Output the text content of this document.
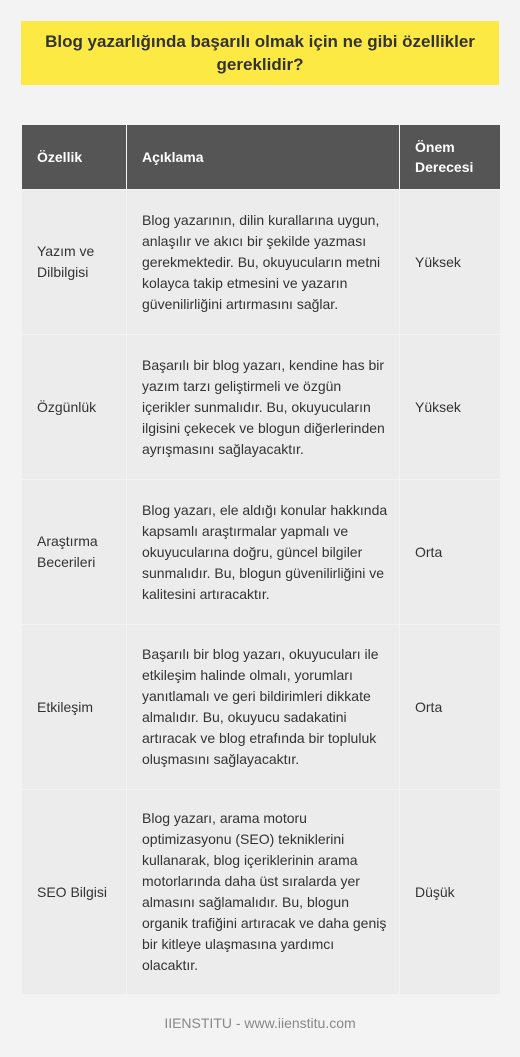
Blog yazarlığında başarılı olmak için ne gibi özellikler gereklidir?
Özellik	Açıklama	Önem Derecesi
Yazım ve Dilbilgisi	Blog yazarının, dilin kurallarına uygun, anlaşılır ve akıcı bir şekilde yazması gerekmektedir. Bu, okuyucuların metni kolayca takip etmesini ve yazarın güvenilirliğini artırmasını sağlar.	Yüksek
Özgünlük	Başarılı bir blog yazarı, kendine has bir yazım tarzı geliştirmeli ve özgün içerikler sunmalıdır. Bu, okuyucuların ilgisini çekecek ve blogun diğerlerinden ayrışmasını sağlayacaktır.	Yüksek
Araştırma Becerileri	Blog yazarı, ele aldığı konular hakkında kapsamlı araştırmalar yapmalı ve okuyucularına doğru, güncel bilgiler sunmalıdır. Bu, blogun güvenilirliğini ve kalitesini artıracaktır.	Orta
Etkileşim	Başarılı bir blog yazarı, okuyucuları ile etkileşim halinde olmalı, yorumları yanıtlamalı ve geri bildirimleri dikkate almalıdır. Bu, okuyucu sadakatini artıracak ve blog etrafında bir topluluk oluşmasını sağlayacaktır.	Orta
SEO Bilgisi	Blog yazarı, arama motoru optimizasyonu (SEO) tekniklerini kullanarak, blog içeriklerinin arama motorlarında daha üst sıralarda yer almasını sağlamalıdır. Bu, blogun organik trafiğini artıracak ve daha geniş bir kitleye ulaşmasına yardımcı olacaktır.	Düşük
IIENSTITU - www.iienstitu.com
